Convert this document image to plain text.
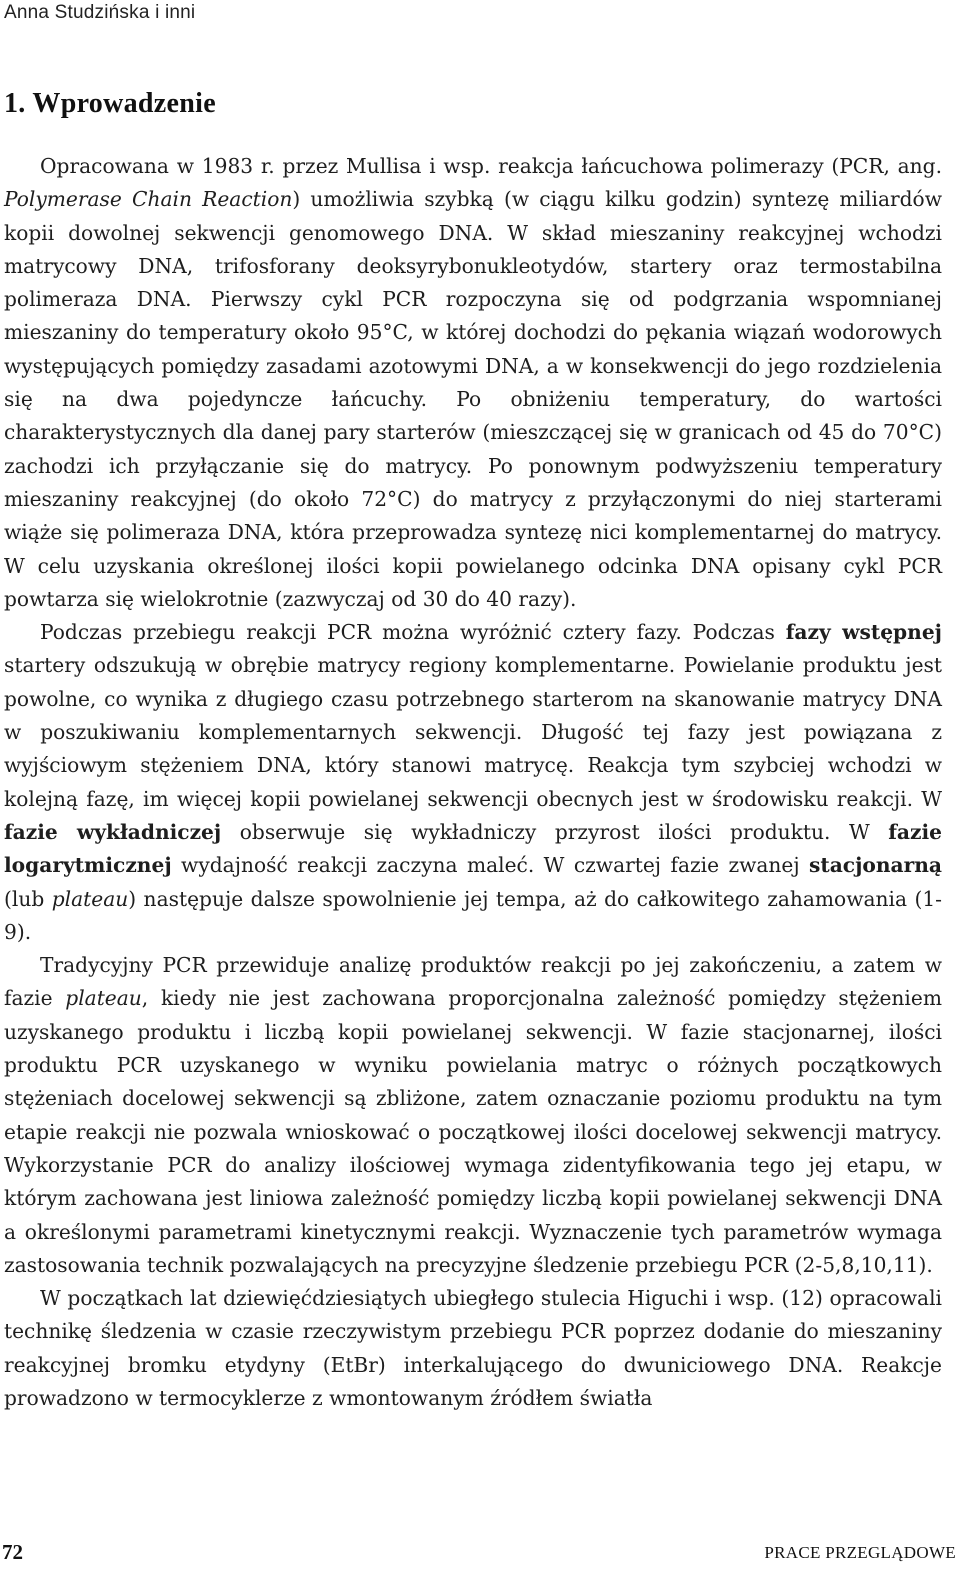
Anna Studzińska i inni
1. Wprowadzenie

Opracowana w 1983 r. przez Mullisa i wsp. reakcja łańcuchowa polimerazy (PCR, ang. Polymerase Chain Reaction) umożliwia szybką (w ciągu kilku godzin) syntezę miliardów kopii dowolnej sekwencji genomowego DNA. W skład mieszaniny reakcyjnej wchodzi matrycowy DNA, trifosforany deoksyrybonukleotydów, startery oraz termostabilna polimeraza DNA. Pierwszy cykl PCR rozpoczyna się od podgrzania wspomnianej mieszaniny do temperatury około 95°C, w której dochodzi do pękania wiązań wodorowych występujących pomiędzy zasadami azotowymi DNA, a w konsekwencji do jego rozdzielenia się na dwa pojedyncze łańcuchy. Po obniżeniu temperatury, do wartości charakterystycznych dla danej pary starterów (mieszczącej się w granicach od 45 do 70°C) zachodzi ich przyłączanie się do matrycy. Po ponownym podwyższeniu temperatury mieszaniny reakcyjnej (do około 72°C) do matrycy z przyłączonymi do niej starterami wiąże się polimeraza DNA, która przeprowadza syntezę nici komplementarnej do matrycy. W celu uzyskania określonej ilości kopii powielanego odcinka DNA opisany cykl PCR powtarza się wielokrotnie (zazwyczaj od 30 do 40 razy).

Podczas przebiegu reakcji PCR można wyróżnić cztery fazy. Podczas fazy wstępnej startery odszukują w obrębie matrycy regiony komplementarne. Powielanie produktu jest powolne, co wynika z długiego czasu potrzebnego starterom na skanowanie matrycy DNA w poszukiwaniu komplementarnych sekwencji. Długość tej fazy jest powiązana z wyjściowym stężeniem DNA, który stanowi matrycę. Reakcja tym szybciej wchodzi w kolejną fazę, im więcej kopii powielanej sekwencji obecnych jest w środowisku reakcji. W fazie wykładniczej obserwuje się wykładniczy przyrost ilości produktu. W fazie logarytmicznej wydajność reakcji zaczyna maleć. W czwartej fazie zwanej stacjonarną (lub plateau) następuje dalsze spowolnienie jej tempa, aż do całkowitego zahamowania (1-9).

Tradycyjny PCR przewiduje analizę produktów reakcji po jej zakończeniu, a zatem w fazie plateau, kiedy nie jest zachowana proporcjonalna zależność pomiędzy stężeniem uzyskanego produktu i liczbą kopii powielanej sekwencji. W fazie stacjonarnej, ilości produktu PCR uzyskanego w wyniku powielania matryc o różnych początkowych stężeniach docelowej sekwencji są zbliżone, zatem oznaczanie poziomu produktu na tym etapie reakcji nie pozwala wnioskować o początkowej ilości docelowej sekwencji matrycy. Wykorzystanie PCR do analizy ilościowej wymaga zidentyfikowania tego jej etapu, w którym zachowana jest liniowa zależność pomiędzy liczbą kopii powielanej sekwencji DNA a określonymi parametrami kinetycznymi reakcji. Wyznaczenie tych parametrów wymaga zastosowania technik pozwalających na precyzyjne śledzenie przebiegu PCR (2-5,8,10,11).

W początkach lat dziewięćdziesiątych ubiegłego stulecia Higuchi i wsp. (12) opracowali technikę śledzenia w czasie rzeczywistym przebiegu PCR poprzez dodanie do mieszaniny reakcyjnej bromku etydyny (EtBr) interkalującego do dwuniciowego DNA. Reakcje prowadzono w termocyklerze z wmontowanym źródłem światła

72	PRACE PRZEGLĄDOWE
